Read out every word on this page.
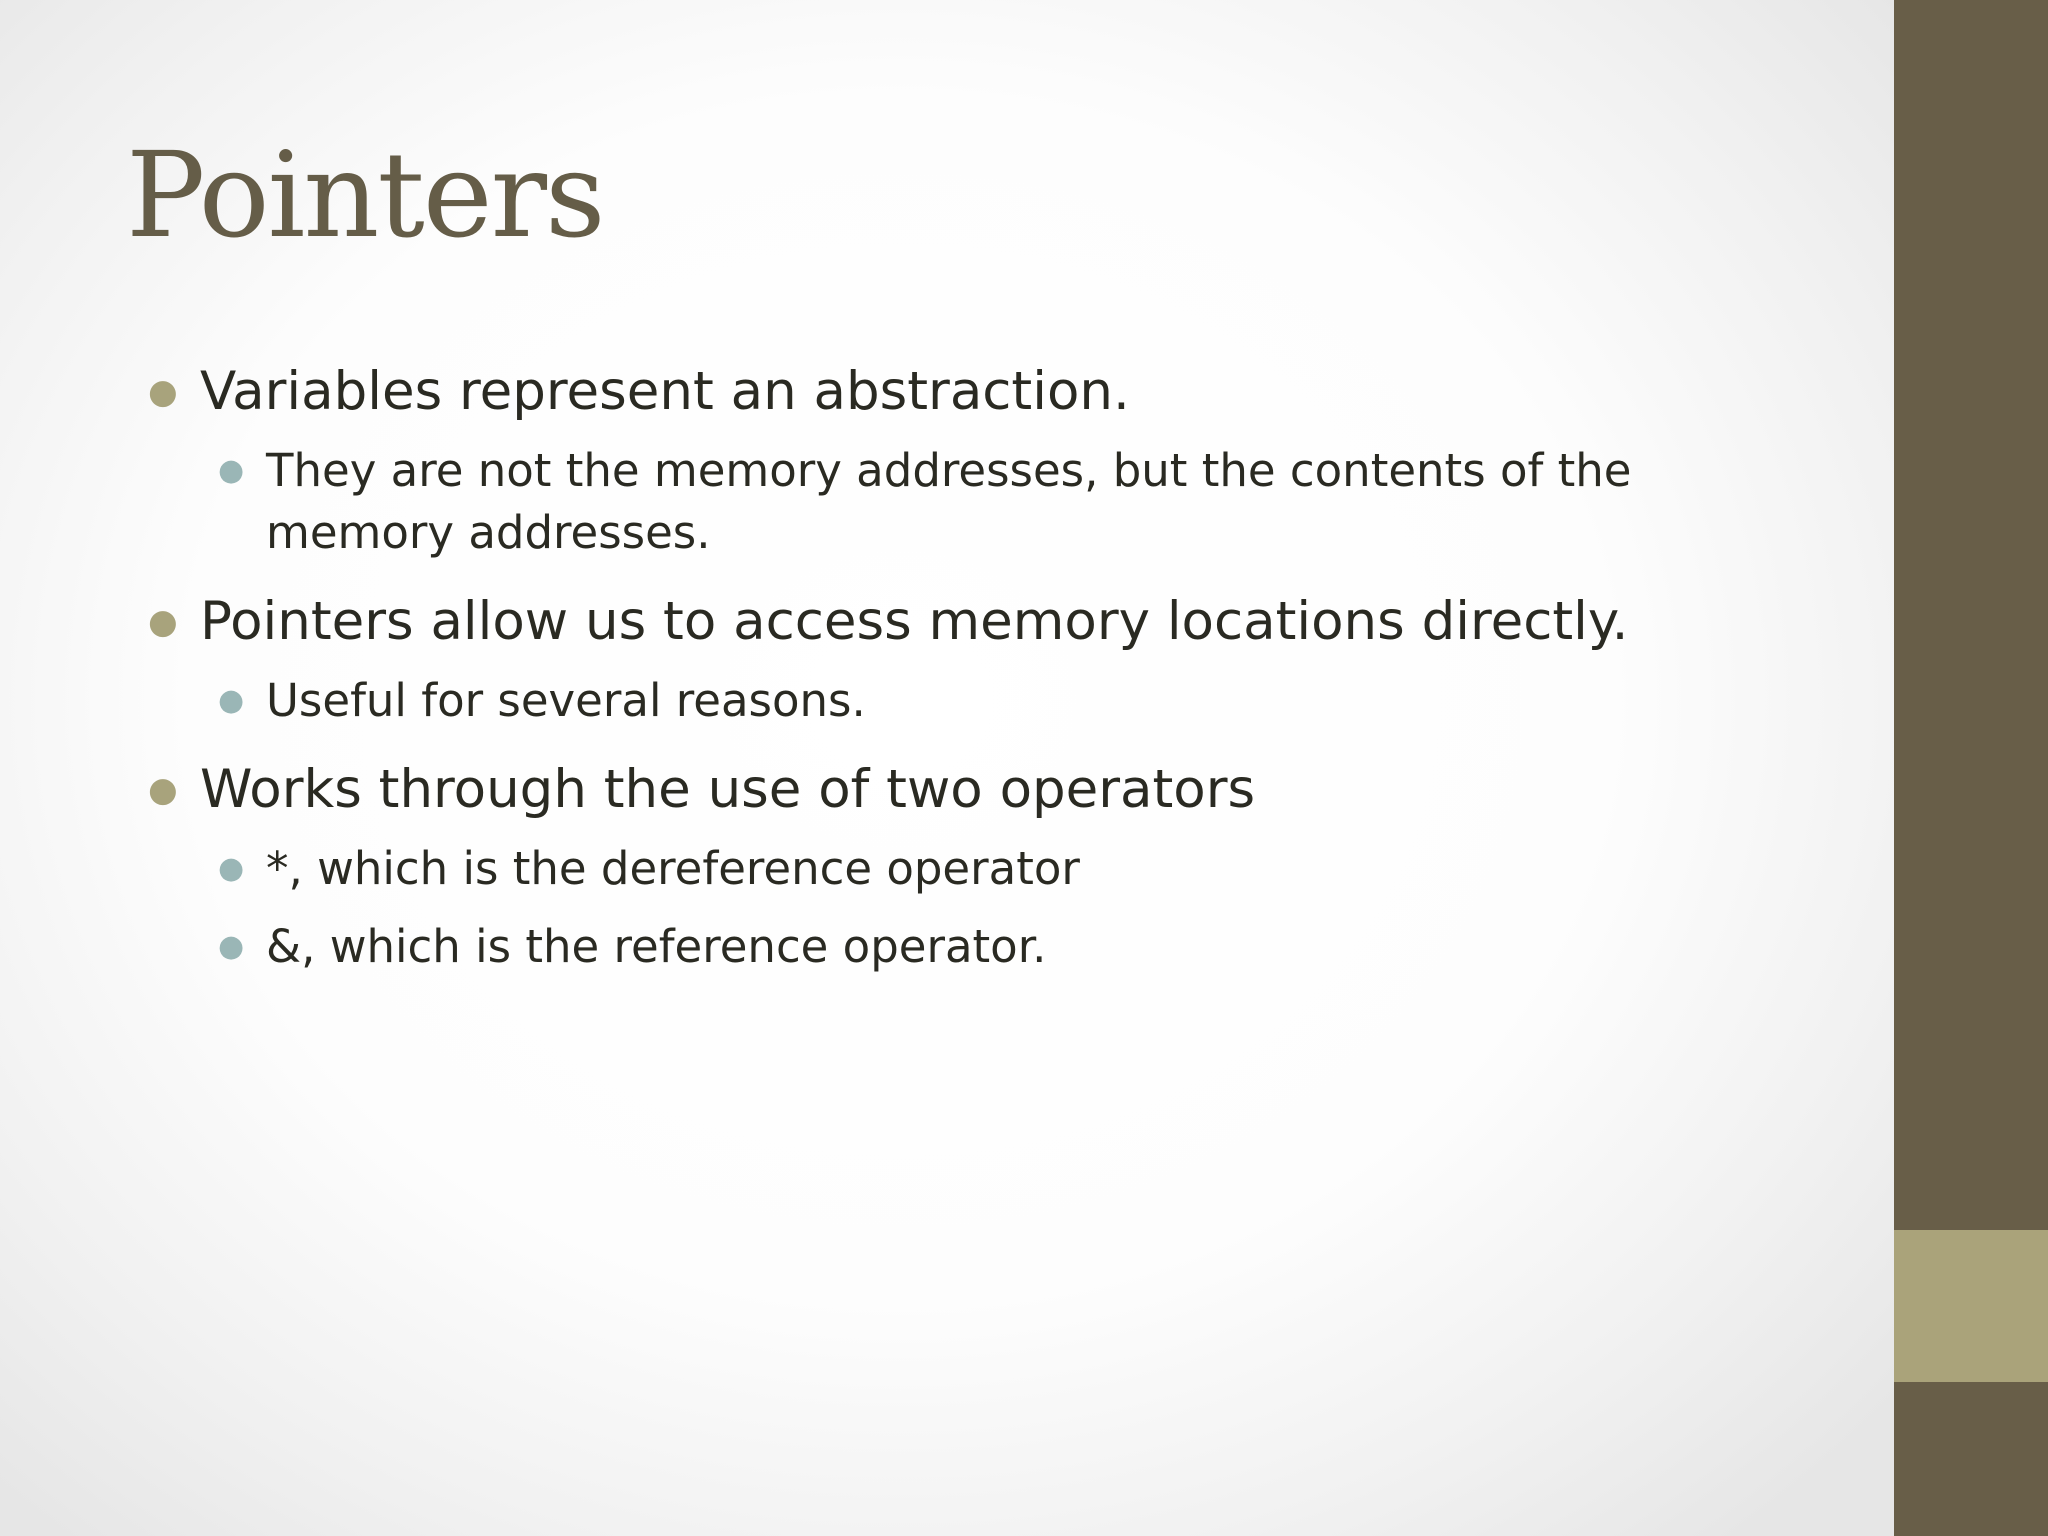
Pointers
● Variables represent an abstraction.
● They are not the memory addresses, but the contents of the memory addresses.
● Pointers allow us to access memory locations directly.
● Useful for several reasons.
● Works through the use of two operators
● *, which is the dereference operator
● &, which is the reference operator.
